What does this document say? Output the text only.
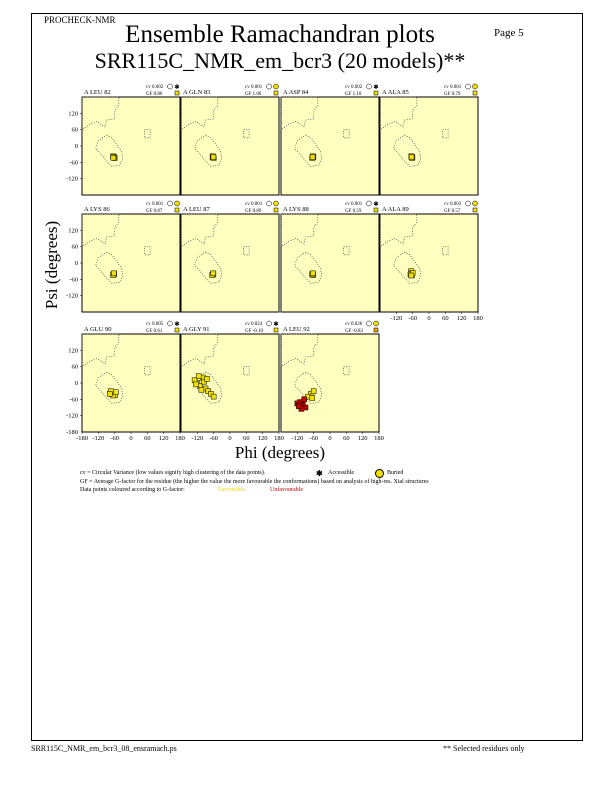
PROCHECK-NMR
Page 5
Ensemble Ramachandran plots
SRR115C_NMR_em_bcr3 (20 models)**
A LEU 82
cv 0.002
GF 0.80
✱
A GLN 83
cv 0.001
GF 1.06	A ASP 84
cv 0.002
GF 1.10
✱
A ALA 85
cv 0.001
GF 0.79
A LYS 86
cv 0.001
GF 0.87	A LEU 87
cv 0.001
GF 0.89	A LYS 88
cv 0.001
GF 0.59
✱
A ALA 89
cv 0.003
GF 0.57
A GLU 90
cv 0.005
GF 0.61
✱
A GLY 91
cv 0.024
GF -0.10
✱
A LEU 92
cv 0.026
GF -0.83
120
60
0
-60
-120
120
60
0
-60
-120
120
60
0
-60
-120
-180
-180 -120 -60 0 60 120 180 -120 -60 0 60 120 180 -120 -60 0 60 120 180
-120 -60 0 60 120 180
Psi (degrees)
Phi (degrees)
cv = Circular Variance (low values signify high clustering of the data points).	✱ Accessible	Buried
GF = Average G-factor for the residue (the higher the value the more favourable the conformations) based on analysis of high-res. Xtal structures
Data points coloured according to G-factor:	Favourable	Unfavourable
SRR115C_NMR_em_bcr3_08_ensramach.ps	** Selected residues only
